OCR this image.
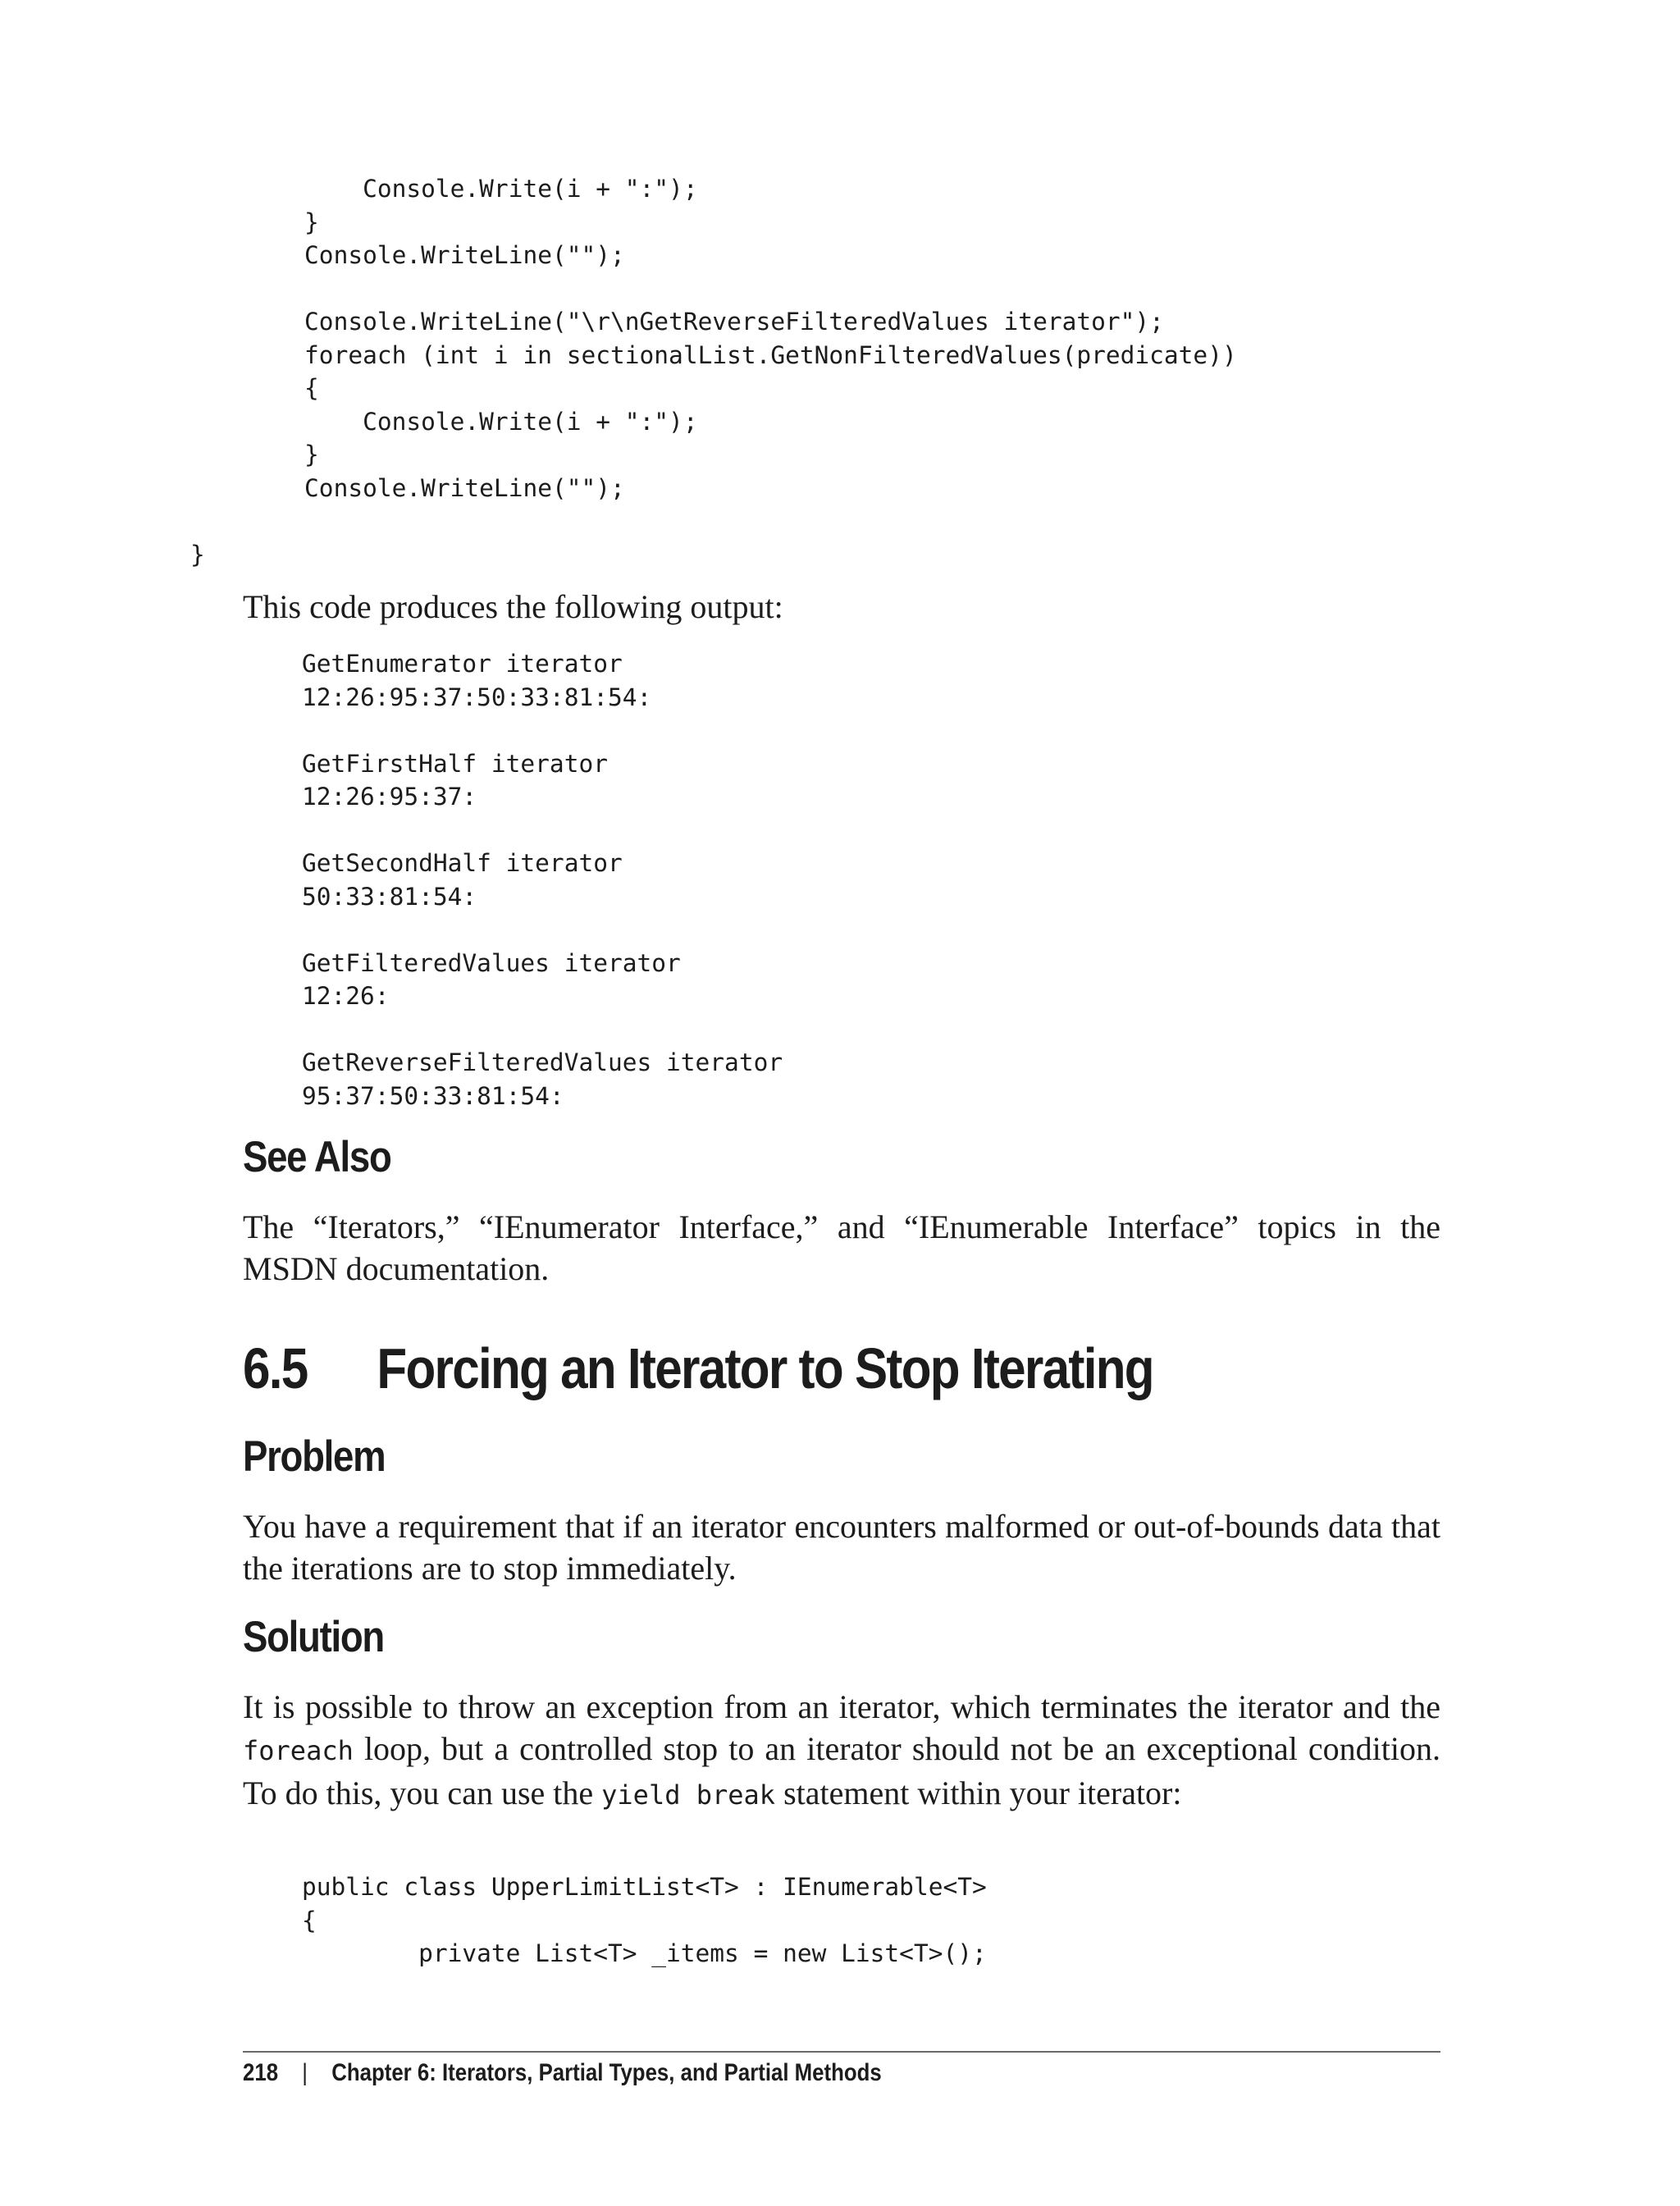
Console.Write(i + ":");
}
Console.WriteLine("");
Console.WriteLine("\r\nGetReverseFilteredValues iterator");
foreach (int i in sectionalList.GetNonFilteredValues(predicate))
{
Console.Write(i + ":");
}
Console.WriteLine("");
}

This code produces the following output:

GetEnumerator iterator
12:26:95:37:50:33:81:54:
GetFirstHalf iterator
12:26:95:37:
GetSecondHalf iterator
50:33:81:54:
GetFilteredValues iterator
12:26:
GetReverseFilteredValues iterator
95:37:50:33:81:54:
See Also

The “Iterators,” “IEnumerator Interface,” and “IEnumerable Interface” topics in the MSDN documentation.

6.5 Forcing an Iterator to Stop Iterating
Problem

You have a requirement that if an iterator encounters malformed or out-of-bounds data that the iterations are to stop immediately.

Solution

It is possible to throw an exception from an iterator, which terminates the iterator and the foreach loop, but a controlled stop to an iterator should not be an exceptional condition. To do this, you can use the yield break statement within your iterator:

public class UpperLimitList<T> : IEnumerable<T>
{
private List<T> _items = new List<T>();
218 | Chapter 6: Iterators, Partial Types, and Partial Methods
